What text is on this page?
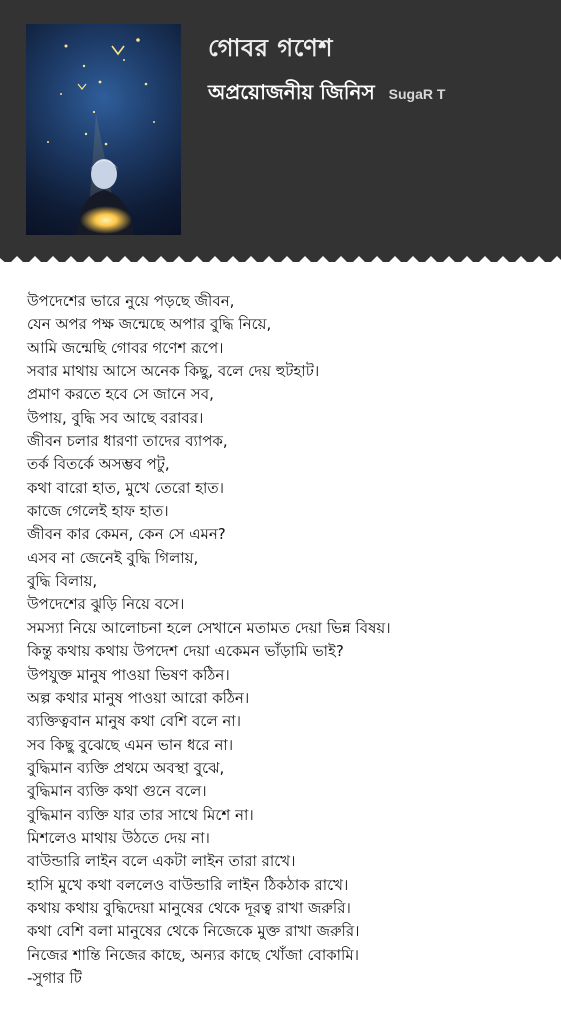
গোবর গণেশ
অপ্রয়োজনীয় জিনিস SugaR T
উপদেশের ভারে নুয়ে পড়ছে জীবন,
যেন অপর পক্ষ জন্মেছে অপার বুদ্ধি নিয়ে,
আমি জন্মেছি গোবর গণেশ রূপে।
সবার মাথায় আসে অনেক কিছু, বলে দেয় হুটহাট।
প্রমাণ করতে হবে সে জানে সব,
উপায়, বুদ্ধি সব আছে বরাবর।
জীবন চলার ধারণা তাদের ব্যাপক,
তর্ক বিতর্কে অসম্ভব পটু,
কথা বারো হাত, মুখে তেরো হাত।
কাজে গেলেই হাফ হাত।
জীবন কার কেমন, কেন সে এমন?
এসব না জেনেই বুদ্ধি গিলায়,
বুদ্ধি বিলায়,
উপদেশের ঝুড়ি নিয়ে বসে।
সমস্যা নিয়ে আলোচনা হলে সেখানে মতামত দেয়া ভিন্ন বিষয়।
কিন্তু কথায় কথায় উপদেশ দেয়া একেমন ভাঁড়ামি ভাই?
উপযুক্ত মানুষ পাওয়া ভিষণ কঠিন।
অল্প কথার মানুষ পাওয়া আরো কঠিন।
ব্যক্তিত্ববান মানুষ কথা বেশি বলে না।
সব কিছু বুঝেছে এমন ভান ধরে না।
বুদ্ধিমান ব্যক্তি প্রথমে অবস্থা বুঝে,
বুদ্ধিমান ব্যক্তি কথা গুনে বলে।
বুদ্ধিমান ব্যক্তি যার তার সাথে মিশে না।
মিশলেও মাথায় উঠতে দেয় না।
বাউন্ডারি লাইন বলে একটা লাইন তারা রাখে।
হাসি মুখে কথা বললেও বাউন্ডারি লাইন ঠিকঠাক রাখে।
কথায় কথায় বুদ্ধিদেয়া মানুষের থেকে দূরত্ব রাখা জরুরি।
কথা বেশি বলা মানুষের থেকে নিজেকে মুক্ত রাখা জরুরি।
নিজের শান্তি নিজের কাছে, অন্যর কাছে খোঁজা বোকামি।
-সুগার টি
